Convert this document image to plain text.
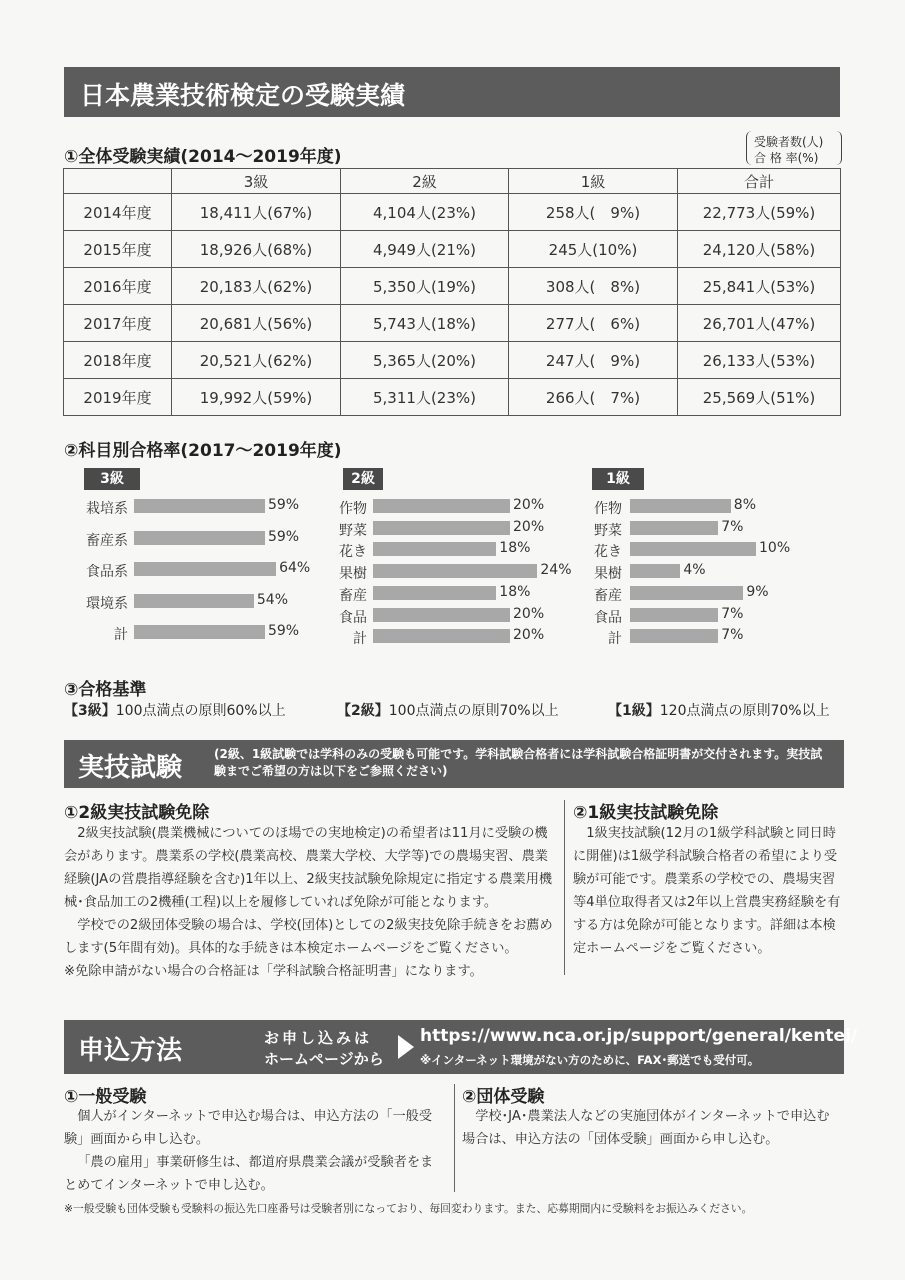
日本農業技術検定の受験実績
①全体受験実績(2014〜2019年度)
受験者数(人)
合 格 率(%)
	3級	2級	1級	合計
2014年度	18,411人(67%)	4,104人(23%)	258人(　9%)	22,773人(59%)
2015年度	18,926人(68%)	4,949人(21%)	245人(10%)	24,120人(58%)
2016年度	20,183人(62%)	5,350人(19%)	308人(　8%)	25,841人(53%)
2017年度	20,681人(56%)	5,743人(18%)	277人(　6%)	26,701人(47%)
2018年度	20,521人(62%)	5,365人(20%)	247人(　9%)	26,133人(53%)
2019年度	19,992人(59%)	5,311人(23%)	266人(　7%)	25,569人(51%)
②科目別合格率(2017〜2019年度)
3級
栽培系	59%
畜産系	59%
食品系	64%
環境系	54%
計	59%
2級
作物	20%
野菜	20%
花き	18%
果樹	24%
畜産	18%
食品	20%
計	20%
1級
作物	8%
野菜	7%
花き	10%
果樹	4%
畜産	9%
食品	7%
計	7%
③合格基準
【3級】100点満点の原則60%以上	【2級】100点満点の原則70%以上	【1級】120点満点の原則70%以上
実技試験	(2級、1級試験では学科のみの受験も可能です。学科試験合格者には学科試験合格証明書が交付されます。実技試験までご希望の方は以下をご参照ください)
①2級実技試験免除

2級実技試験(農業機械についてのほ場での実地検定)の希望者は11月に受験の機会があります。農業系の学校(農業高校、農業大学校、大学等)での農場実習、農業経験(JAの営農指導経験を含む)1年以上、2級実技試験免除規定に指定する農業用機械･食品加工の2機種(工程)以上を履修していれば免除が可能となります。

学校での2級団体受験の場合は、学校(団体)としての2級実技免除手続きをお薦めします(5年間有効)。具体的な手続きは本検定ホームページをご覧ください。

※免除申請がない場合の合格証は「学科試験合格証明書」になります。

②1級実技試験免除

1級実技試験(12月の1級学科試験と同日時に開催)は1級学科試験合格者の希望により受験が可能です。農業系の学校での、農場実習等4単位取得者又は2年以上営農実務経験を有する方は免除が可能となります。詳細は本検定ホームページをご覧ください。

申込方法	お申し込みは
ホームページから
https://www.nca.or.jp/support/general/kentei/
※インターネット環境がない方のために、FAX･郵送でも受付可。
①一般受験

個人がインターネットで申込む場合は、申込方法の「一般受験」画面から申し込む。

「農の雇用」事業研修生は、都道府県農業会議が受験者をまとめてインターネットで申し込む。

②団体受験

学校･JA･農業法人などの実施団体がインターネットで申込む場合は、申込方法の「団体受験」画面から申し込む。

※一般受験も団体受験も受験料の振込先口座番号は受験者別になっており、毎回変わります。また、応募期間内に受験料をお振込みください。
